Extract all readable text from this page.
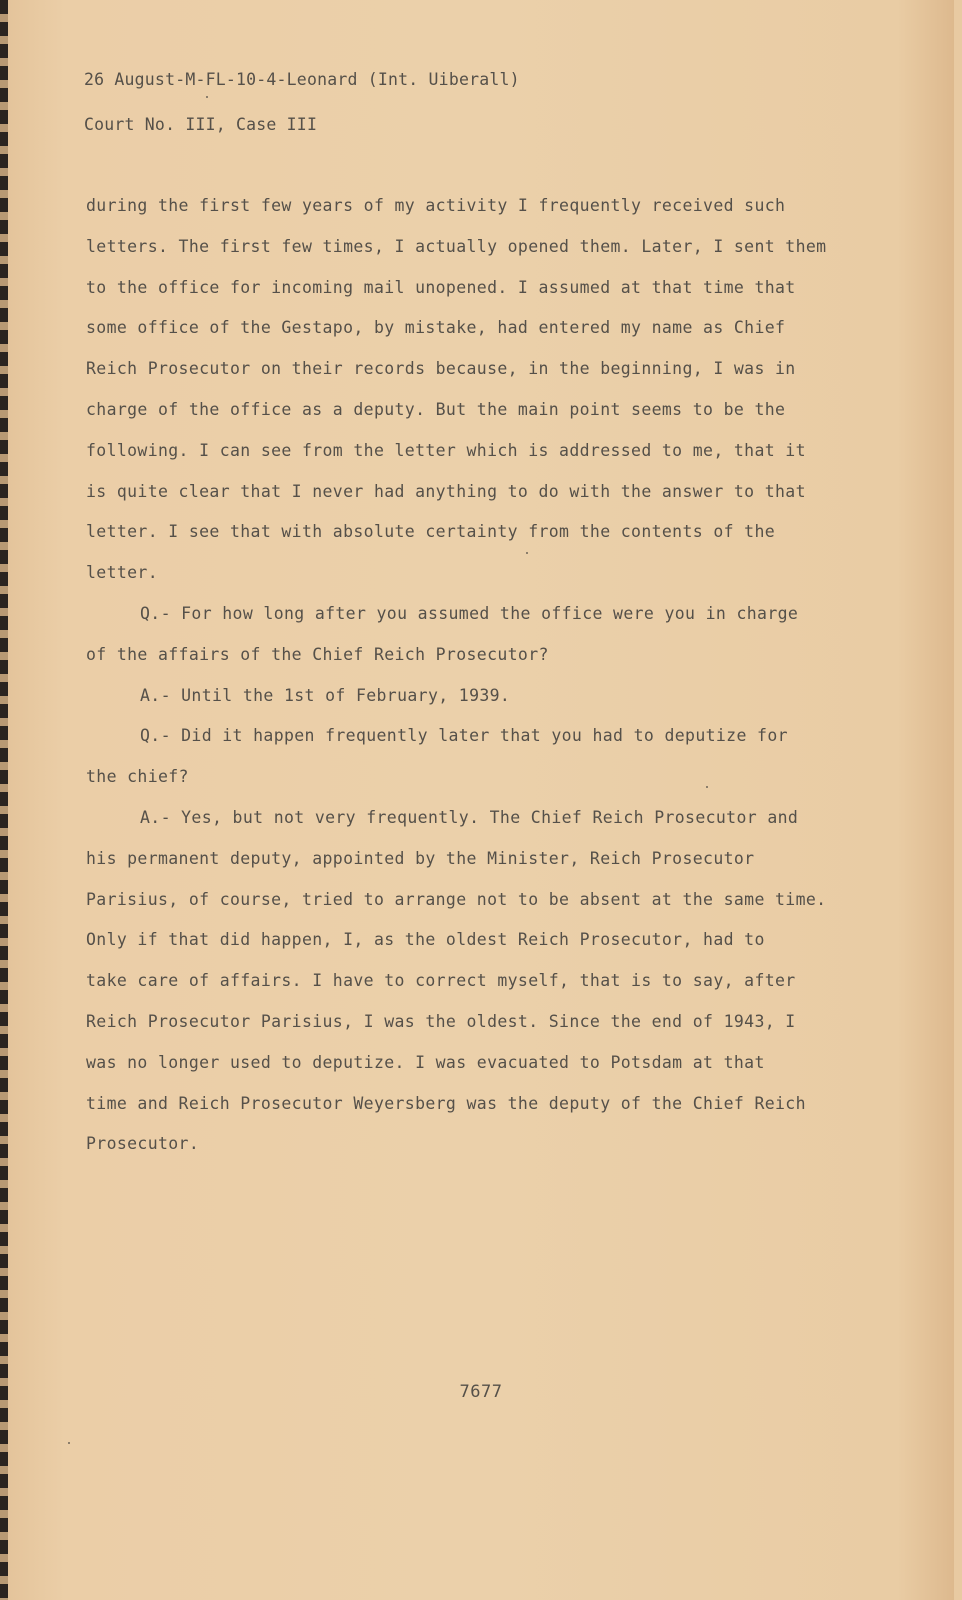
26 August-M-FL-10-4-Leonard (Int. Uiberall)
Court No. III, Case III
during the first few years of my activity I frequently received such
letters. The first few times, I actually opened them. Later, I sent them
to the office for incoming mail unopened. I assumed at that time that
some office of the Gestapo, by mistake, had entered my name as Chief
Reich Prosecutor on their records because, in the beginning, I was in
charge of the office as a deputy. But the main point seems to be the
following. I can see from the letter which is addressed to me, that it
is quite clear that I never had anything to do with the answer to that
letter. I see that with absolute certainty from the contents of the
letter.
Q.- For how long after you assumed the office were you in charge
of the affairs of the Chief Reich Prosecutor?
A.- Until the 1st of February, 1939.
Q.- Did it happen frequently later that you had to deputize for
the chief?
A.- Yes, but not very frequently. The Chief Reich Prosecutor and
his permanent deputy, appointed by the Minister, Reich Prosecutor
Parisius, of course, tried to arrange not to be absent at the same time.
Only if that did happen, I, as the oldest Reich Prosecutor, had to
take care of affairs. I have to correct myself, that is to say, after
Reich Prosecutor Parisius, I was the oldest. Since the end of 1943, I
was no longer used to deputize. I was evacuated to Potsdam at that
time and Reich Prosecutor Weyersberg was the deputy of the Chief Reich
Prosecutor.
7677
